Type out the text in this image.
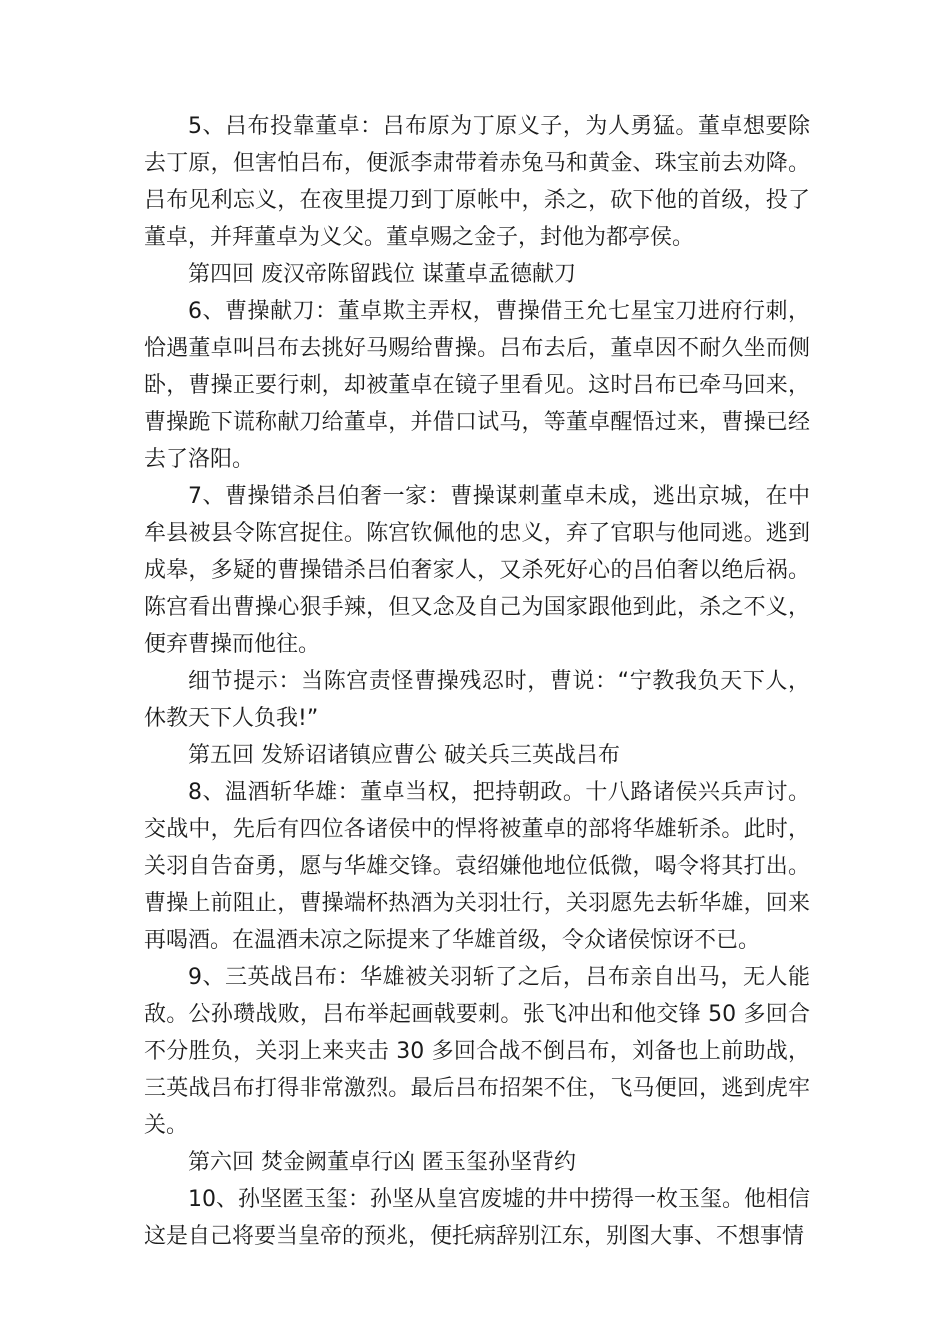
5、吕布投靠董卓：吕布原为丁原义子，为人勇猛。董卓想要除去丁原，但害怕吕布，便派李肃带着赤兔马和黄金、珠宝前去劝降。吕布见利忘义，在夜里提刀到丁原帐中，杀之，砍下他的首级，投了董卓，并拜董卓为义父。董卓赐之金子，封他为都亭侯。

第四回 废汉帝陈留践位 谋董卓孟德献刀

6、曹操献刀：董卓欺主弄权，曹操借王允七星宝刀进府行刺，恰遇董卓叫吕布去挑好马赐给曹操。吕布去后，董卓因不耐久坐而侧卧，曹操正要行刺，却被董卓在镜子里看见。这时吕布已牵马回来，曹操跪下谎称献刀给董卓，并借口试马，等董卓醒悟过来，曹操已经去了洛阳。

7、曹操错杀吕伯奢一家：曹操谋刺董卓未成，逃出京城，在中牟县被县令陈宫捉住。陈宫钦佩他的忠义，弃了官职与他同逃。逃到成皋，多疑的曹操错杀吕伯奢家人，又杀死好心的吕伯奢以绝后祸。陈宫看出曹操心狠手辣，但又念及自己为国家跟他到此，杀之不义，便弃曹操而他往。

细节提示：当陈宫责怪曹操残忍时，曹说：“宁教我负天下人，休教天下人负我!”

第五回 发矫诏诸镇应曹公 破关兵三英战吕布

8、温酒斩华雄：董卓当权，把持朝政。十八路诸侯兴兵声讨。交战中，先后有四位各诸侯中的悍将被董卓的部将华雄斩杀。此时，关羽自告奋勇，愿与华雄交锋。袁绍嫌他地位低微，喝令将其打出。曹操上前阻止，曹操端杯热酒为关羽壮行，关羽愿先去斩华雄，回来再喝酒。在温酒未凉之际提来了华雄首级，令众诸侯惊讶不已。

9、三英战吕布：华雄被关羽斩了之后，吕布亲自出马，无人能敌。公孙瓒战败，吕布举起画戟要刺。张飞冲出和他交锋 50 多回合不分胜负，关羽上来夹击 30 多回合战不倒吕布，刘备也上前助战，三英战吕布打得非常激烈。最后吕布招架不住，飞马便回，逃到虎牢关。

第六回 焚金阙董卓行凶 匿玉玺孙坚背约

10、孙坚匿玉玺：孙坚从皇宫废墟的井中捞得一枚玉玺。他相信这是自己将要当皇帝的预兆，便托病辞别江东，别图大事、不想事情
